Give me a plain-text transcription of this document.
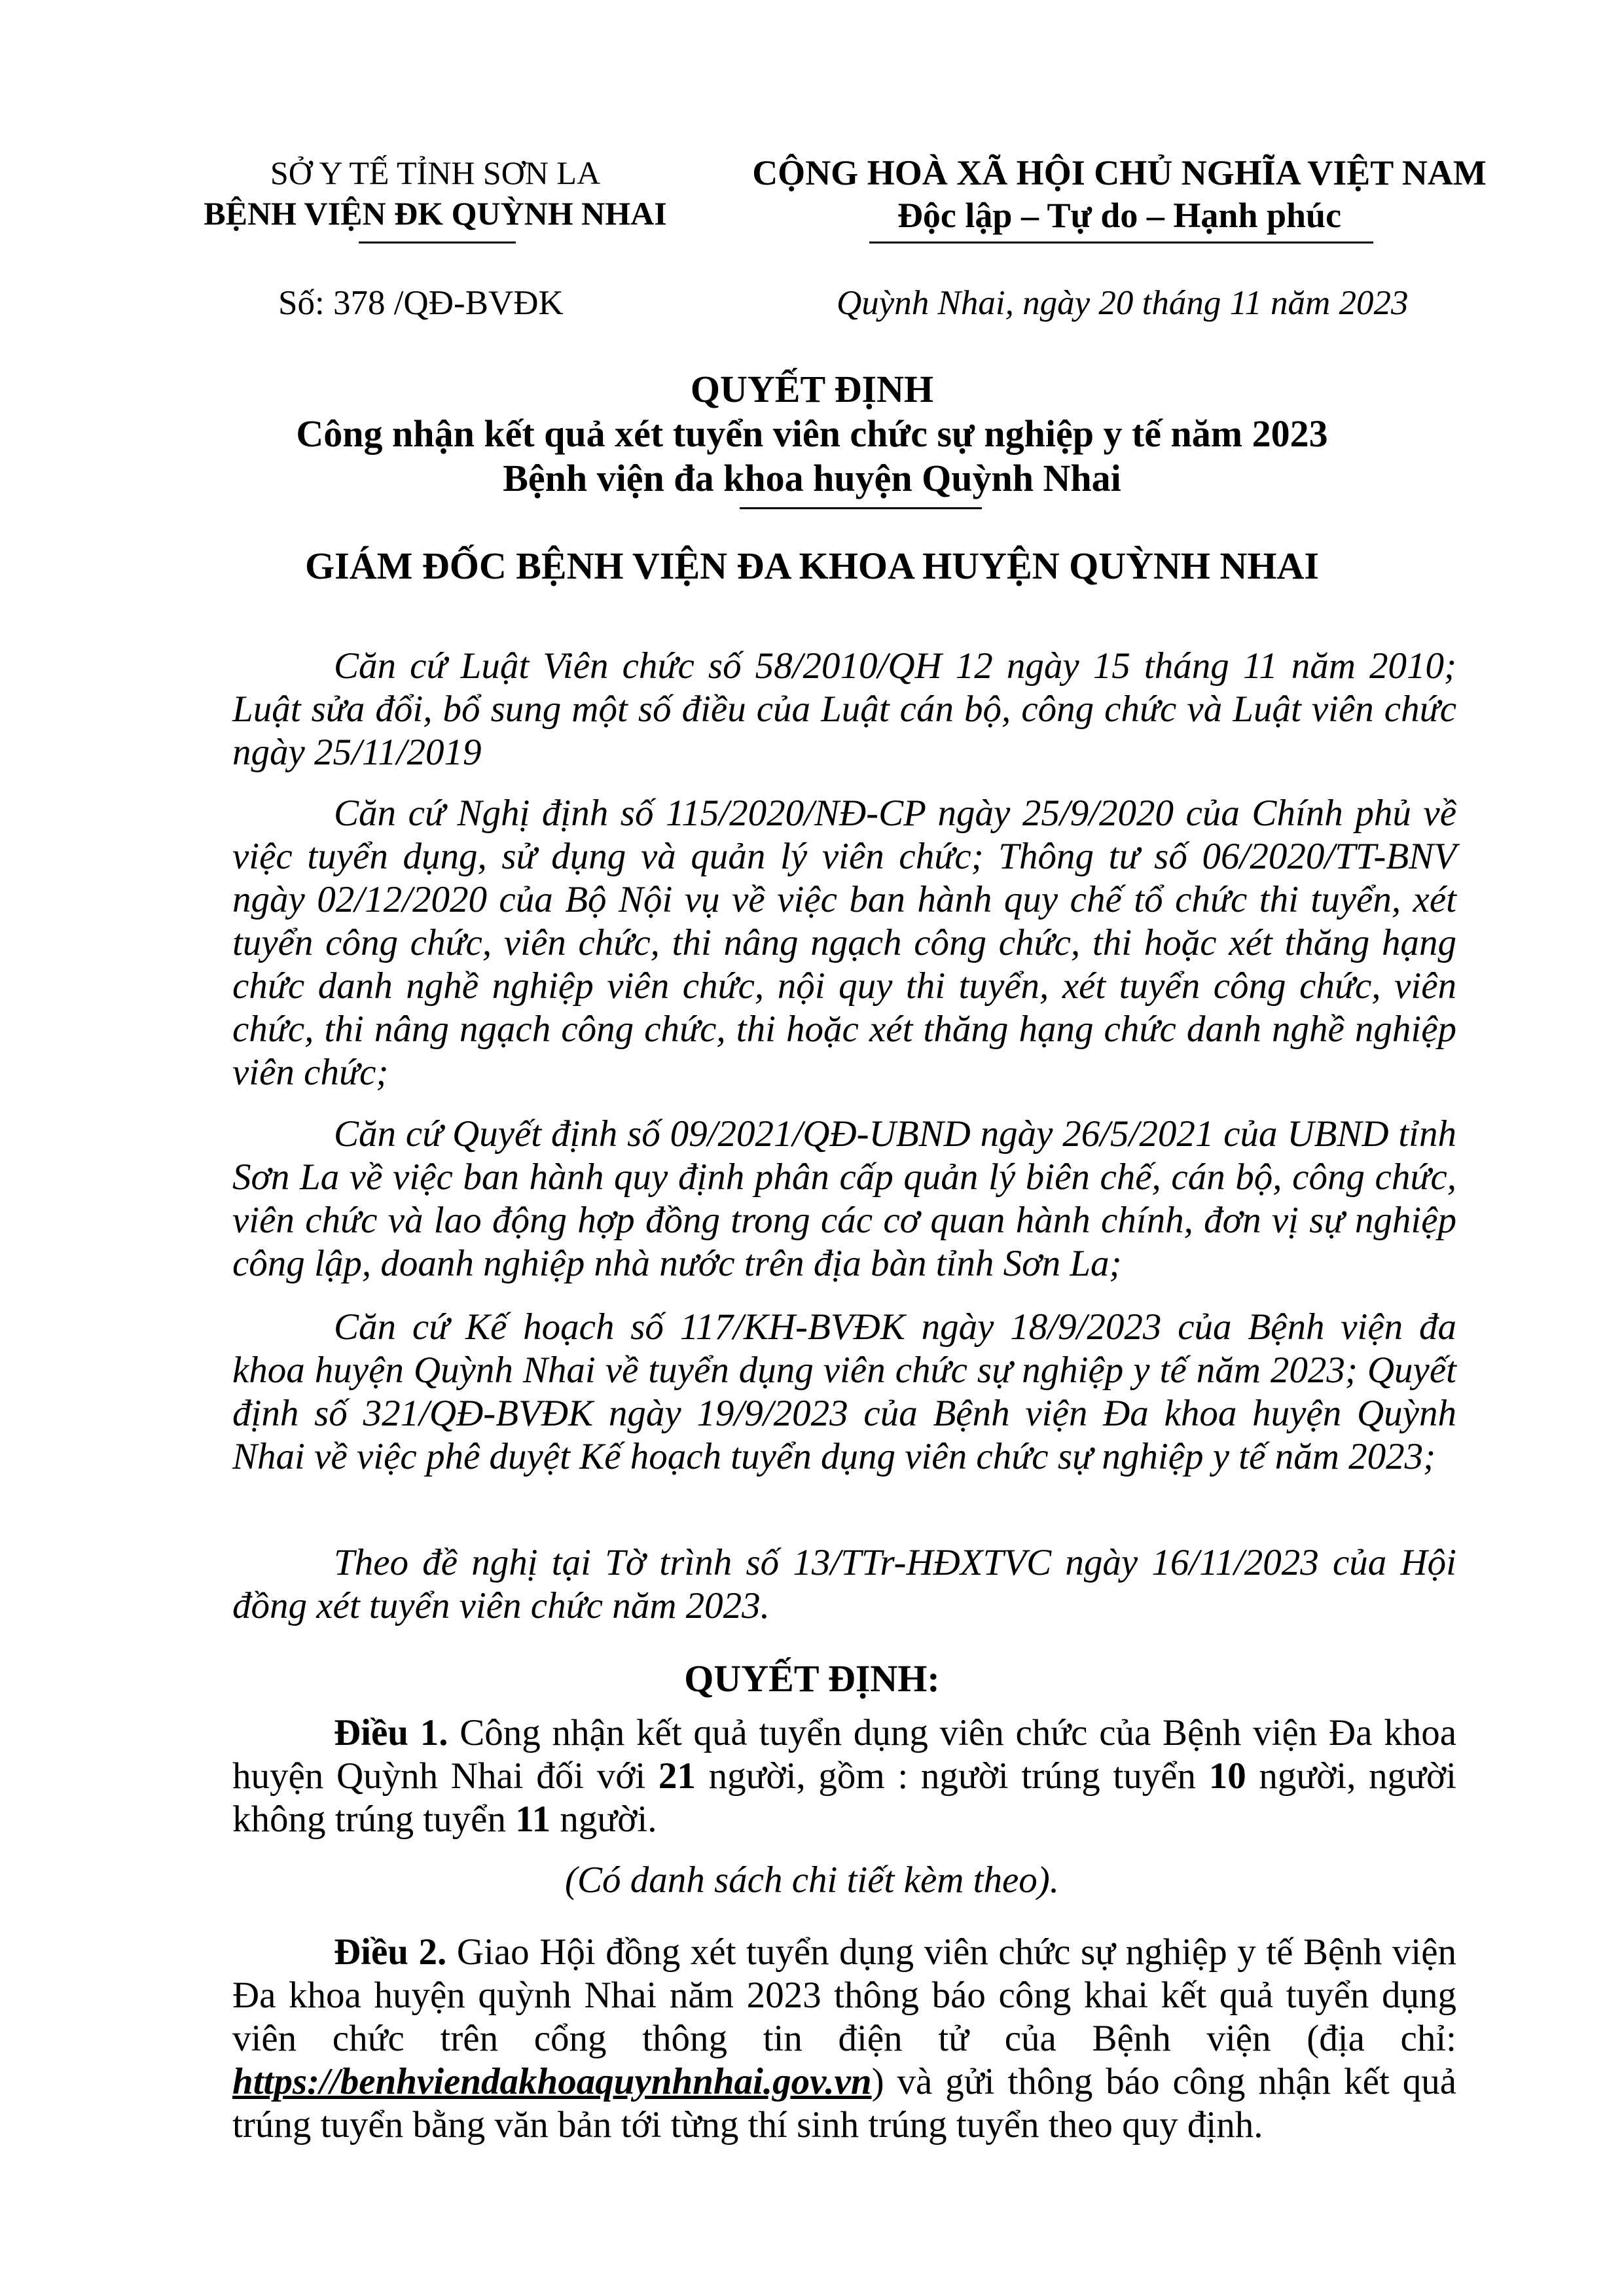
SỞ Y TẾ TỈNH SƠN LA
BỆNH VIỆN ĐK QUỲNH NHAI
Số: 378 /QĐ-BVĐK
CỘNG HOÀ XÃ HỘI CHỦ NGHĨA VIỆT NAM
Độc lập – Tự do – Hạnh phúc
Quỳnh Nhai, ngày 20 tháng 11 năm 2023
QUYẾT ĐỊNH
Công nhận kết quả xét tuyển viên chức sự nghiệp y tế năm 2023
Bệnh viện đa khoa huyện Quỳnh Nhai
GIÁM ĐỐC BỆNH VIỆN ĐA KHOA HUYỆN QUỲNH NHAI
Căn cứ Luật Viên chức số 58/2010/QH 12 ngày 15 tháng 11 năm 2010; Luật sửa đổi, bổ sung một số điều của Luật cán bộ, công chức và Luật viên chức ngày 25/11/2019
Căn cứ Nghị định số 115/2020/NĐ-CP ngày 25/9/2020 của Chính phủ về việc tuyển dụng, sử dụng và quản lý viên chức; Thông tư số 06/2020/TT-BNV ngày 02/12/2020 của Bộ Nội vụ về việc ban hành quy chế tổ chức thi tuyển, xét tuyển công chức, viên chức, thi nâng ngạch công chức, thi hoặc xét thăng hạng chức danh nghề nghiệp viên chức, nội quy thi tuyển, xét tuyển công chức, viên chức, thi nâng ngạch công chức, thi hoặc xét thăng hạng chức danh nghề nghiệp viên chức;
Căn cứ Quyết định số 09/2021/QĐ-UBND ngày 26/5/2021 của UBND tỉnh Sơn La về việc ban hành quy định phân cấp quản lý biên chế, cán bộ, công chức, viên chức và lao động hợp đồng trong các cơ quan hành chính, đơn vị sự nghiệp công lập, doanh nghiệp nhà nước trên địa bàn tỉnh Sơn La;
Căn cứ Kế hoạch số 117/KH-BVĐK ngày 18/9/2023 của Bệnh viện đa khoa huyện Quỳnh Nhai về tuyển dụng viên chức sự nghiệp y tế năm 2023; Quyết định số 321/QĐ-BVĐK ngày 19/9/2023 của Bệnh viện Đa khoa huyện Quỳnh Nhai về việc phê duyệt Kế hoạch tuyển dụng viên chức sự nghiệp y tế năm 2023;
Theo đề nghị tại Tờ trình số 13/TTr-HĐXTVC ngày 16/11/2023 của Hội đồng xét tuyển viên chức năm 2023.
QUYẾT ĐỊNH:
Điều 1. Công nhận kết quả tuyển dụng viên chức của Bệnh viện Đa khoa huyện Quỳnh Nhai đối với 21 người, gồm : người trúng tuyển 10 người, người không trúng tuyển 11 người.
(Có danh sách chi tiết kèm theo).
Điều 2. Giao Hội đồng xét tuyển dụng viên chức sự nghiệp y tế Bệnh viện Đa khoa huyện quỳnh Nhai năm 2023 thông báo công khai kết quả tuyển dụng viên chức trên cổng thông tin điện tử của Bệnh viện (địa chỉ: https://benhviendakhoaquynhnhai.gov.vn) và gửi thông báo công nhận kết quả trúng tuyển bằng văn bản tới từng thí sinh trúng tuyển theo quy định.
